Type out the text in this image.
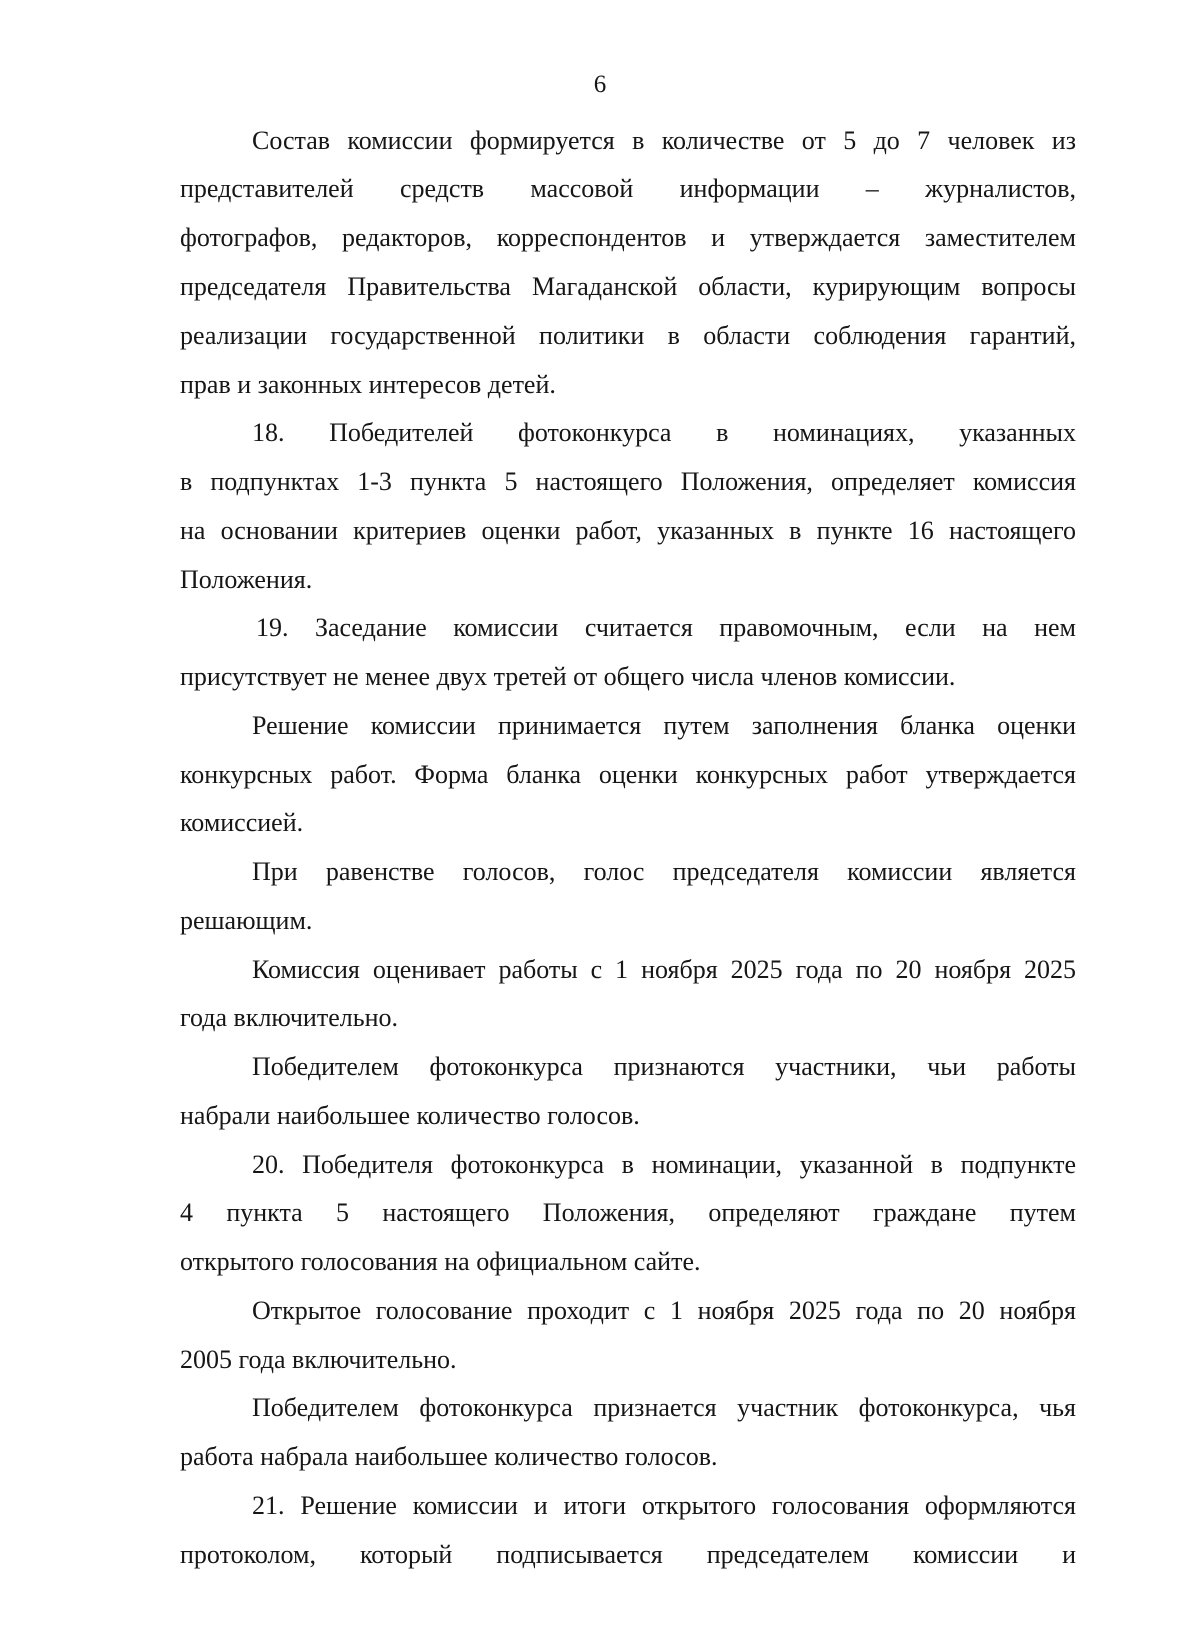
6
Состав комиссии формируется в количестве от 5 до 7 человек из
представителей средств массовой информации – журналистов,
фотографов, редакторов, корреспондентов и утверждается заместителем
председателя Правительства Магаданской области, курирующим вопросы
реализации государственной политики в области соблюдения гарантий,
прав и законных интересов детей.
18. Победителей фотоконкурса в номинациях, указанных
в подпунктах 1-3 пункта 5 настоящего Положения, определяет комиссия
на основании критериев оценки работ, указанных в пункте 16 настоящего
Положения.
19. Заседание комиссии считается правомочным, если на нем
присутствует не менее двух третей от общего числа членов комиссии.
Решение комиссии принимается путем заполнения бланка оценки
конкурсных работ. Форма бланка оценки конкурсных работ утверждается
комиссией.
При равенстве голосов, голос председателя комиссии является
решающим.
Комиссия оценивает работы с 1 ноября 2025 года по 20 ноября 2025
года включительно.
Победителем фотоконкурса признаются участники, чьи работы
набрали наибольшее количество голосов.
20. Победителя фотоконкурса в номинации, указанной в подпункте
4 пункта 5 настоящего Положения, определяют граждане путем
открытого голосования на официальном сайте.
Открытое голосование проходит с 1 ноября 2025 года по 20 ноября
2005 года включительно.
Победителем фотоконкурса признается участник фотоконкурса, чья
работа набрала наибольшее количество голосов.
21. Решение комиссии и итоги открытого голосования оформляются
протоколом, который подписывается председателем комиссии и
